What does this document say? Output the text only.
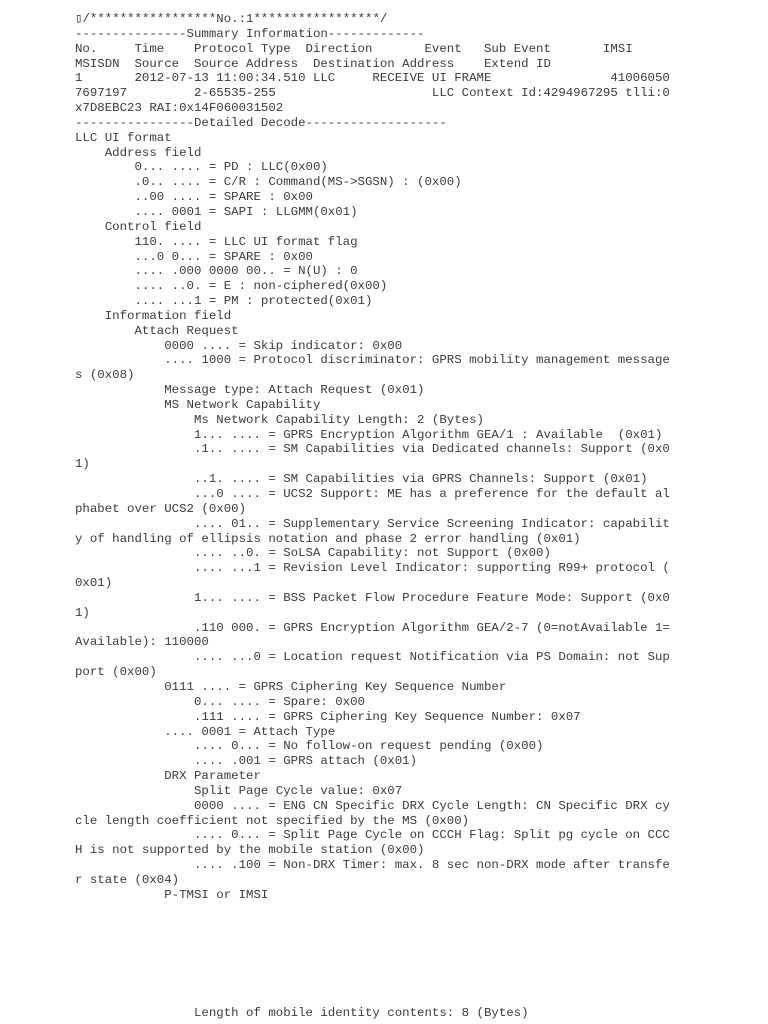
▯/*****************No.:1*****************/
---------------Summary Information-------------
No.     Time    Protocol Type  Direction       Event   Sub Event       IMSI
MSISDN  Source  Source Address  Destination Address    Extend ID
1       2012-07-13 11:00:34.510 LLC     RECEIVE UI FRAME                41006050
7697197         2-65535-255                     LLC Context Id:4294967295 tlli:0
x7D8EBC23 RAI:0x14F060031502
----------------Detailed Decode-------------------
LLC UI format
Address field
0... .... = PD : LLC(0x00)
.0.. .... = C/R : Command(MS->SGSN) : (0x00)
..00 .... = SPARE : 0x00
.... 0001 = SAPI : LLGMM(0x01)
Control field
110. .... = LLC UI format flag
...0 0... = SPARE : 0x00
.... .000 0000 00.. = N(U) : 0
.... ..0. = E : non-ciphered(0x00)
.... ...1 = PM : protected(0x01)
Information field
Attach Request
0000 .... = Skip indicator: 0x00
.... 1000 = Protocol discriminator: GPRS mobility management message
s (0x08)
Message type: Attach Request (0x01)
MS Network Capability
Ms Network Capability Length: 2 (Bytes)
1... .... = GPRS Encryption Algorithm GEA/1 : Available  (0x01)
.1.. .... = SM Capabilities via Dedicated channels: Support (0x0
1)
..1. .... = SM Capabilities via GPRS Channels: Support (0x01)
...0 .... = UCS2 Support: ME has a preference for the default al
phabet over UCS2 (0x00)
.... 01.. = Supplementary Service Screening Indicator: capabilit
y of handling of ellipsis notation and phase 2 error handling (0x01)
.... ..0. = SoLSA Capability: not Support (0x00)
.... ...1 = Revision Level Indicator: supporting R99+ protocol (
0x01)
1... .... = BSS Packet Flow Procedure Feature Mode: Support (0x0
1)
.110 000. = GPRS Encryption Algorithm GEA/2-7 (0=notAvailable 1=
Available): 110000
.... ...0 = Location request Notification via PS Domain: not Sup
port (0x00)
0111 .... = GPRS Ciphering Key Sequence Number
0... .... = Spare: 0x00
.111 .... = GPRS Ciphering Key Sequence Number: 0x07
.... 0001 = Attach Type
.... 0... = No follow-on request pending (0x00)
.... .001 = GPRS attach (0x01)
DRX Parameter
Split Page Cycle value: 0x07
0000 .... = ENG CN Specific DRX Cycle Length: CN Specific DRX cy
cle length coefficient not specified by the MS (0x00)
.... 0... = Split Page Cycle on CCCH Flag: Split pg cycle on CCC
H is not supported by the mobile station (0x00)
.... .100 = Non-DRX Timer: max. 8 sec non-DRX mode after transfe
r state (0x04)
P-TMSI or IMSI
Length of mobile identity contents: 8 (Bytes)
